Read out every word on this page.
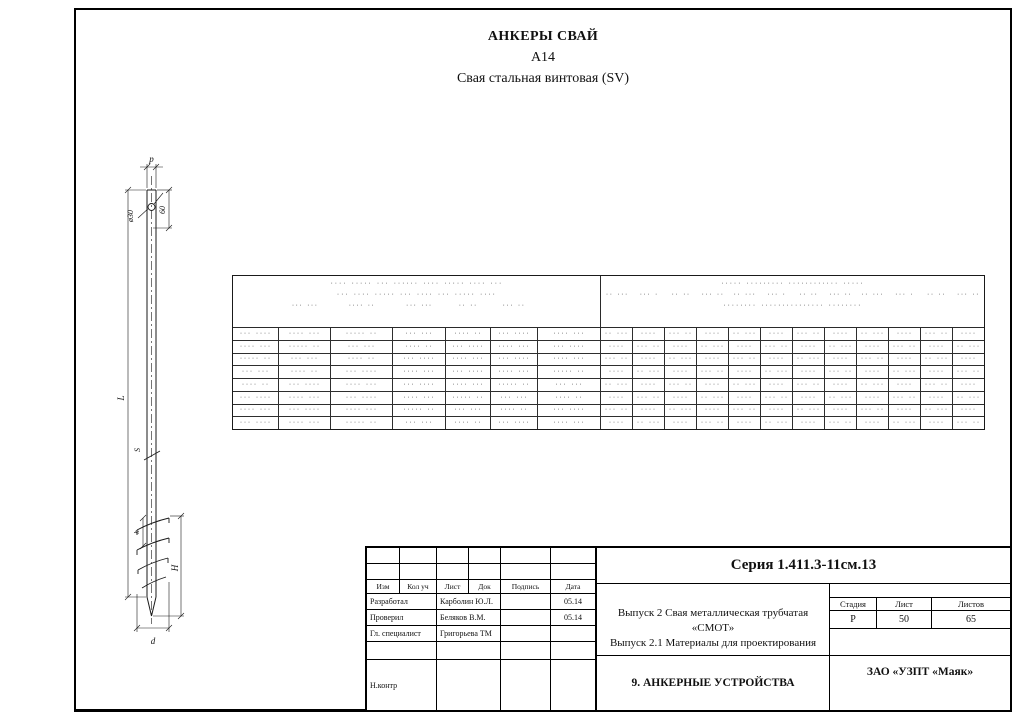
АНКЕРЫ СВАЙ
А14
Свая стальная винтовая (SV)
p
ø30	60
L
S
h
H
d
···· ····· ··· ······ ···· ····· ···· ···
··· ···· ····· ··· ···· ··· ····· ····
··· ···	···· ··	··· ···	·· ··	··· ··
····· ········· ············ ·····
·· ···	··· ·	·· ··	··· ··	·· ···	··· ·	·· ··	··· ··	·· ···	··· ·	·· ··	··· ··
········ ··············· ········
··· ····	···· ···	····· ··	··· ···	···· ··	··· ····	···· ···	·· ···	····	··· ··	····	·· ···	····	··· ··	····	·· ···	····	··· ··	····
···· ···	····· ··	··· ···	···· ··	··· ····	···· ···	··· ····	····	··· ··	····	·· ···	····	··· ··	····	·· ···	····	··· ··	····	·· ···
····· ··	··· ···	···· ··	··· ····	···· ···	··· ····	···· ···	··· ··	····	·· ···	····	··· ··	····	·· ···	····	··· ··	····	·· ···	····
··· ···	···· ··	··· ····	···· ···	··· ····	···· ···	····· ··	····	·· ···	····	··· ··	····	·· ···	····	··· ··	····	·· ···	····	··· ··
···· ··	··· ····	···· ···	··· ····	···· ···	····· ··	··· ···	·· ···	····	··· ··	····	·· ···	····	··· ··	····	·· ···	····	··· ··	····
··· ····	···· ···	··· ····	···· ···	····· ··	··· ···	···· ··	····	··· ··	····	·· ···	····	··· ··	····	·· ···	····	··· ··	····	·· ···
···· ···	··· ····	···· ···	····· ··	··· ···	···· ··	··· ····	··· ··	····	·· ···	····	··· ··	····	·· ···	····	··· ··	····	·· ···	····
··· ····	···· ···	····· ··	··· ···	···· ··	··· ····	···· ···	····	·· ···	····	··· ··	····	·· ···	····	··· ··	····	·· ···	····	··· ··
Изм	Кол уч	Лист	Док	Подпись	Дата
Разработал	Карболин Ю.Л.	05.14
Проверил	Беляков В.М.	05.14
Гл. специалист	Григорьева ТМ
Н.контр
Серия 1.411.3-11см.13
Выпуск 2 Свая металлическая трубчатая
«СМОТ»
Выпуск 2.1 Материалы для проектирования
Стадия	Лист	Листов
Р	50	65
9. АНКЕРНЫЕ УСТРОЙСТВА
ЗАО «УЗПТ «Маяк»
